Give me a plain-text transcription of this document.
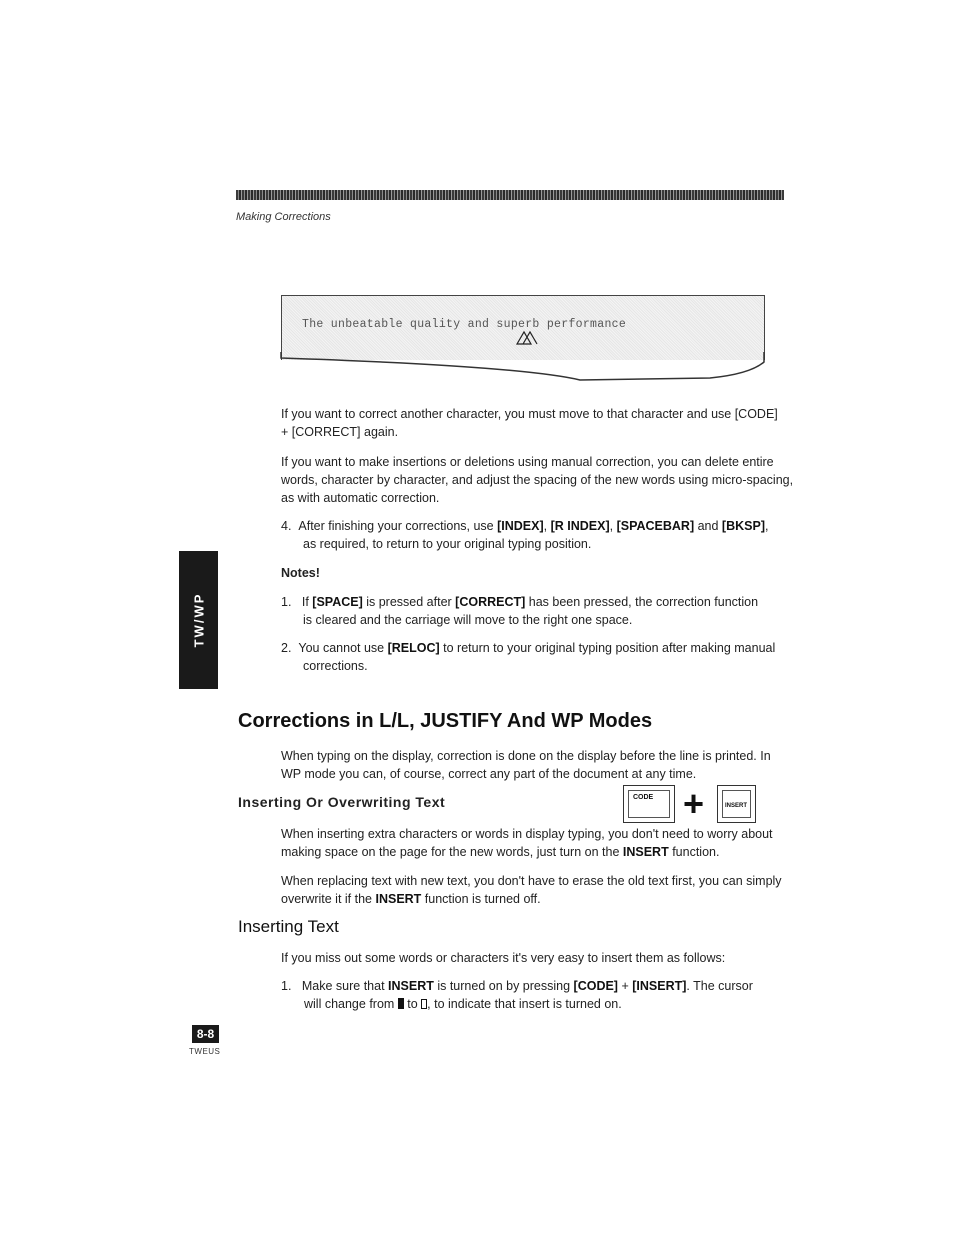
Making Corrections
The unbeatable quality and superb performance
If you want to correct another character, you must move to that character and use [CODE]
+ [CORRECT] again.
If you want to make insertions or deletions using manual correction, you can delete entire
words, character by character, and adjust the spacing of the new words using micro-spacing,
as with automatic correction.
4. After finishing your corrections, use [INDEX], [R INDEX], [SPACEBAR] and [BKSP],
as required, to return to your original typing position.
Notes!
1. If [SPACE] is pressed after [CORRECT] has been pressed, the correction function
is cleared and the carriage will move to the right one space.
2. You cannot use [RELOC] to return to your original typing position after making manual
corrections.
TW/WP
Corrections in L/L, JUSTIFY And WP Modes
When typing on the display, correction is done on the display before the line is printed. In
WP mode you can, of course, correct any part of the document at any time.
Inserting Or Overwriting Text	CODE +	INSERT
When inserting extra characters or words in display typing, you don't need to worry about
making space on the page for the new words, just turn on the INSERT function.
When replacing text with new text, you don't have to erase the old text first, you can simply
overwrite it if the INSERT function is turned off.
Inserting Text
If you miss out some words or characters it's very easy to insert them as follows:
1. Make sure that INSERT is turned on by pressing [CODE] + [INSERT]. The cursor
will change from  to , to indicate that insert is turned on.
8-8
TWEUS
